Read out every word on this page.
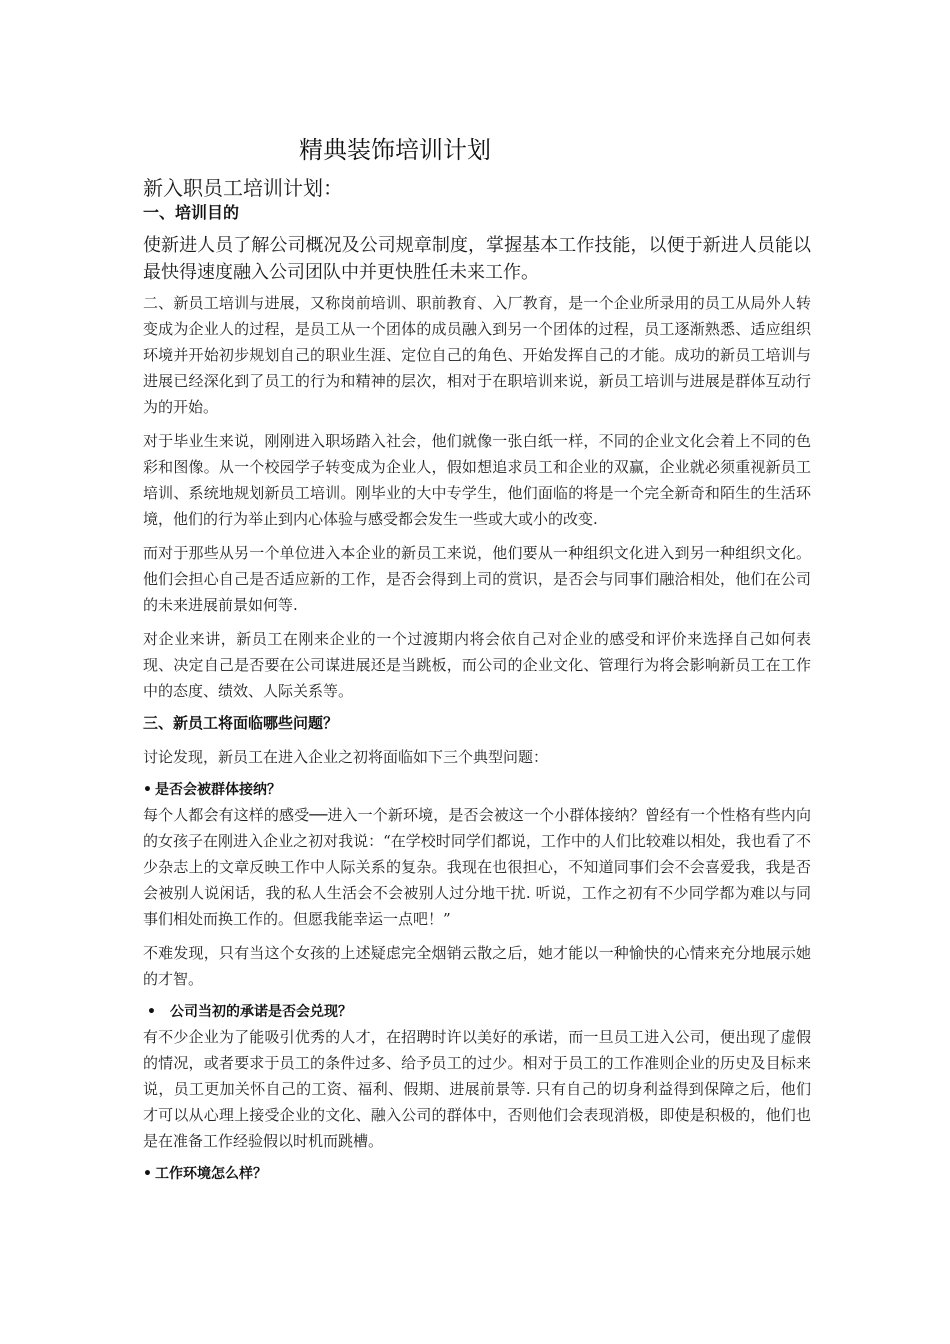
精典装饰培训计划
新入职员工培训计划：
一、培训目的

使新进人员了解公司概况及公司规章制度，掌握基本工作技能，以便于新进人员能以最快得速度融入公司团队中并更快胜任未来工作。

二、新员工培训与进展，又称岗前培训、职前教育、入厂教育，是一个企业所录用的员工从局外人转变成为企业人的过程，是员工从一个团体的成员融入到另一个团体的过程，员工逐渐熟悉、适应组织环境并开始初步规划自己的职业生涯、定位自己的角色、开始发挥自己的才能。成功的新员工培训与进展已经深化到了员工的行为和精神的层次，相对于在职培训来说，新员工培训与进展是群体互动行为的开始。

对于毕业生来说，刚刚进入职场踏入社会，他们就像一张白纸一样，不同的企业文化会着上不同的色彩和图像。从一个校园学子转变成为企业人，假如想追求员工和企业的双赢，企业就必须重视新员工培训、系统地规划新员工培训。刚毕业的大中专学生，他们面临的将是一个完全新奇和陌生的生活环境，他们的行为举止到内心体验与感受都会发生一些或大或小的改变.

而对于那些从另一个单位进入本企业的新员工来说，他们要从一种组织文化进入到另一种组织文化。他们会担心自己是否适应新的工作，是否会得到上司的赏识，是否会与同事们融洽相处，他们在公司的未来进展前景如何等.

对企业来讲，新员工在刚来企业的一个过渡期内将会依自己对企业的感受和评价来选择自己如何表现、决定自己是否要在公司谋进展还是当跳板，而公司的企业文化、管理行为将会影响新员工在工作中的态度、绩效、人际关系等。

三、新员工将面临哪些问题？

讨论发现，新员工在进入企业之初将面临如下三个典型问题：

• 是否会被群体接纳？

每个人都会有这样的感受──进入一个新环境，是否会被这一个小群体接纳？曾经有一个性格有些内向的女孩子在刚进入企业之初对我说：“在学校时同学们都说，工作中的人们比较难以相处，我也看了不少杂志上的文章反映工作中人际关系的复杂。我现在也很担心，不知道同事们会不会喜爱我，我是否会被别人说闲话，我的私人生活会不会被别人过分地干扰. 听说，工作之初有不少同学都为难以与同事们相处而换工作的。但愿我能幸运一点吧！”

不难发现，只有当这个女孩的上述疑虑完全烟销云散之后，她才能以一种愉快的心情来充分地展示她的才智。

• 公司当初的承诺是否会兑现？

有不少企业为了能吸引优秀的人才，在招聘时许以美好的承诺，而一旦员工进入公司，便出现了虚假的情况，或者要求于员工的条件过多、给予员工的过少。相对于员工的工作准则企业的历史及目标来说，员工更加关怀自己的工资、福利、假期、进展前景等. 只有自己的切身利益得到保障之后，他们才可以从心理上接受企业的文化、融入公司的群体中，否则他们会表现消极，即使是积极的，他们也是在准备工作经验假以时机而跳槽。

• 工作环境怎么样？
